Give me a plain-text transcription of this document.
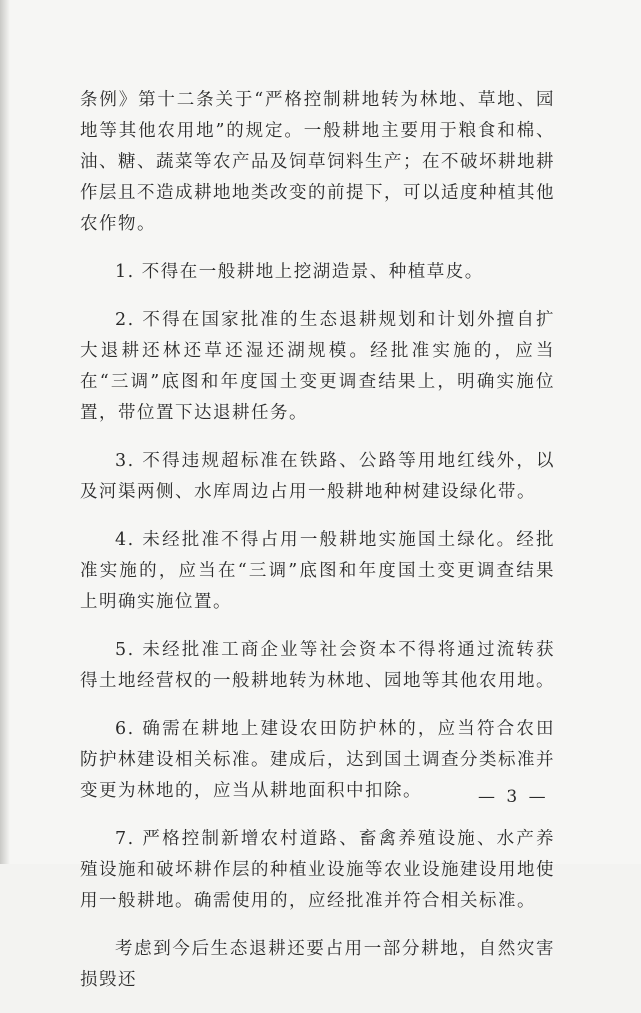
条例》第十二条关于“严格控制耕地转为林地、草地、园地等其他农用地”的规定。一般耕地主要用于粮食和棉、油、糖、蔬菜等农产品及饲草饲料生产；在不破坏耕地耕作层且不造成耕地地类改变的前提下，可以适度种植其他农作物。

1. 不得在一般耕地上挖湖造景、种植草皮。

2. 不得在国家批准的生态退耕规划和计划外擅自扩大退耕还林还草还湿还湖规模。经批准实施的，应当在“三调”底图和年度国土变更调查结果上，明确实施位置，带位置下达退耕任务。

3. 不得违规超标准在铁路、公路等用地红线外，以及河渠两侧、水库周边占用一般耕地种树建设绿化带。

4. 未经批准不得占用一般耕地实施国土绿化。经批准实施的，应当在“三调”底图和年度国土变更调查结果上明确实施位置。

5. 未经批准工商企业等社会资本不得将通过流转获得土地经营权的一般耕地转为林地、园地等其他农用地。

6. 确需在耕地上建设农田防护林的，应当符合农田防护林建设相关标准。建成后，达到国土调查分类标准并变更为林地的，应当从耕地面积中扣除。

7. 严格控制新增农村道路、畜禽养殖设施、水产养殖设施和破坏耕作层的种植业设施等农业设施建设用地使用一般耕地。确需使用的，应经批准并符合相关标准。

考虑到今后生态退耕还要占用一部分耕地，自然灾害损毁还

— 3 —
